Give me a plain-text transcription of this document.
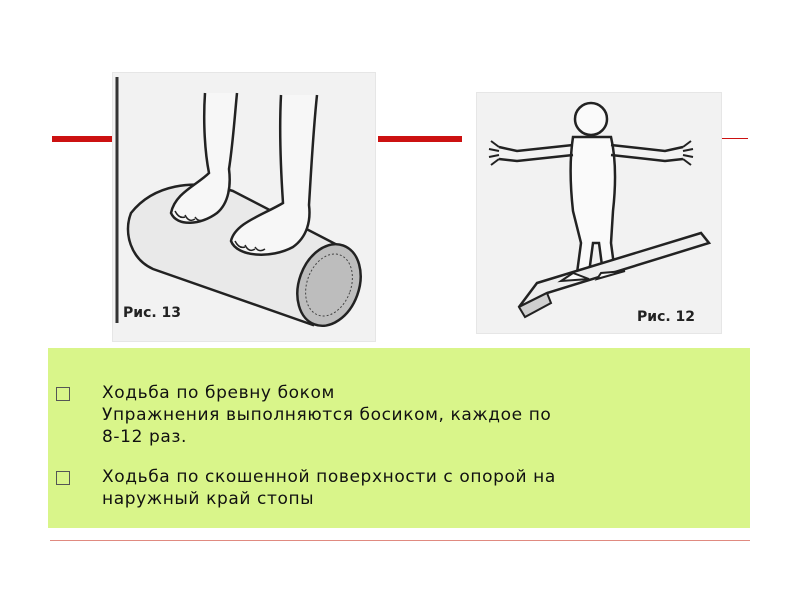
Рис. 13	Рис. 12
Ходьба по бревну боком
Упражнения выполняются босиком, каждое по
8-12 раз.
Ходьба по скошенной поверхности с опорой на
наружный край стопы
